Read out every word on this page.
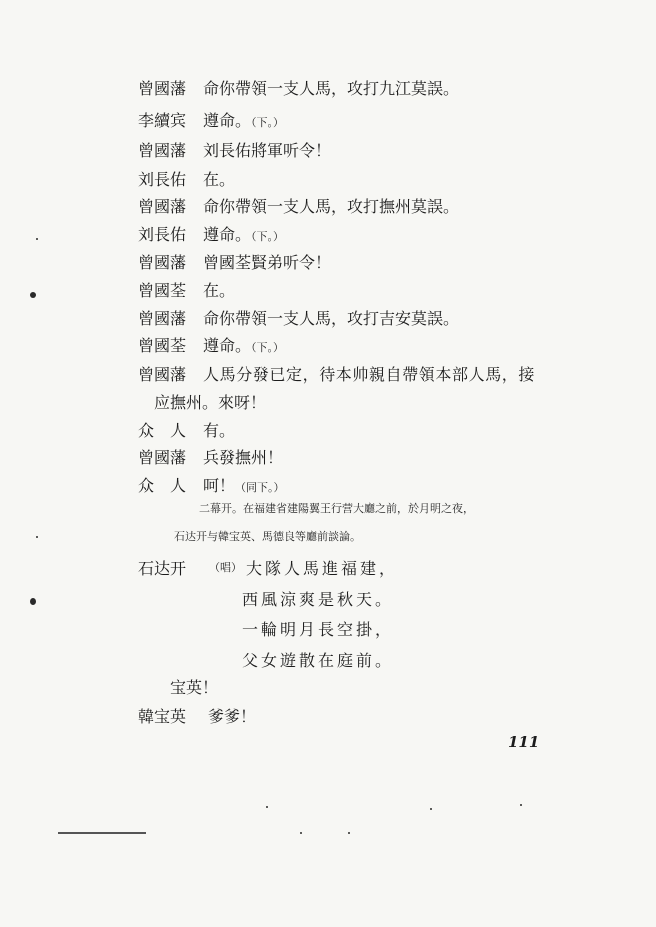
曾國藩 命你帶領一支人馬，攻打九江莫誤。
李續宾 遵命。（下。）
曾國藩 刘長佑將軍听令！
刘長佑 在。
曾國藩 命你帶領一支人馬，攻打撫州莫誤。
刘長佑 遵命。（下。）
曾國藩 曾國荃賢弟听令！
曾國荃 在。
曾國藩 命你帶領一支人馬，攻打吉安莫誤。
曾國荃 遵命。（下。）
曾國藩 人馬分發已定，待本帅親自帶領本部人馬，接
应撫州。來呀！
众　人 有。
曾國藩 兵發撫州！
众　人 呵！（同下。）
二幕开。在福建省建陽翼王行营大廳之前，於月明之夜，
石达开与韓宝英、馬德良等廳前談論。
石达开 （唱） 大隊人馬進福建，
西風涼爽是秋天。
一輪明月長空掛，
父女遊散在庭前。
宝英！
韓宝英 爹爹！
111
